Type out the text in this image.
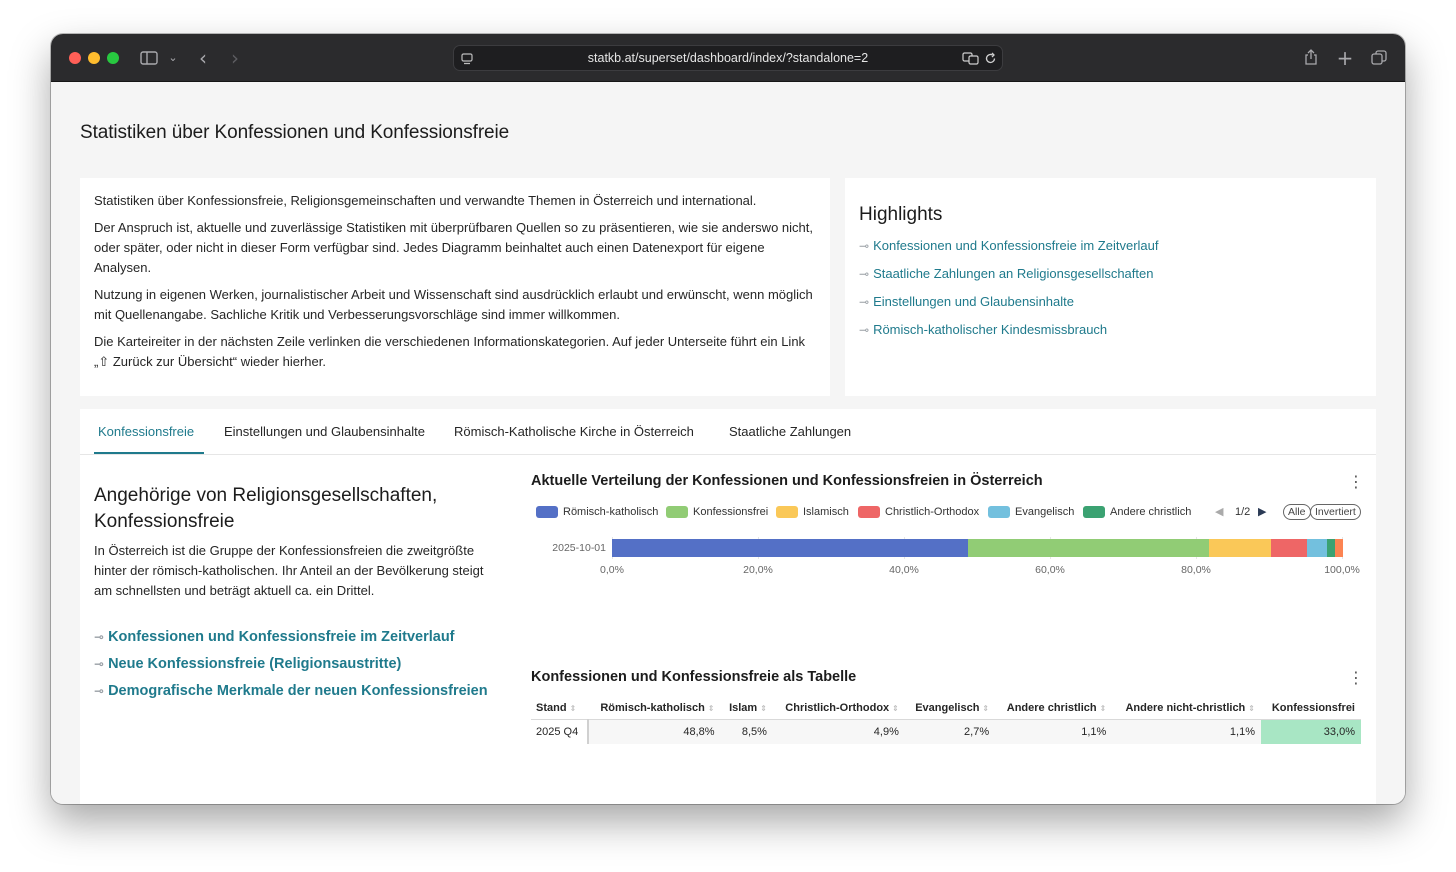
⌄	‹	›	statkb.at/superset/dashboard/index/?standalone=2	+
Statistiken über Konfessionen und Konfessionsfreie

Statistiken über Konfessionsfreie, Religionsgemeinschaften und verwandte Themen in Österreich und international.

Der Anspruch ist, aktuelle und zuverlässige Statistiken mit überprüfbaren Quellen so zu präsentieren, wie sie anderswo nicht, oder später, oder nicht in dieser Form verfügbar sind. Jedes Diagramm beinhaltet auch einen Datenexport für eigene Analysen.

Nutzung in eigenen Werken, journalistischer Arbeit und Wissenschaft sind ausdrücklich erlaubt und erwünscht, wenn möglich mit Quellenangabe. Sachliche Kritik und Verbesserungsvorschläge sind immer willkommen.

Die Karteireiter in der nächsten Zeile verlinken die verschiedenen Informationskategorien. Auf jeder Unterseite führt ein Link „⇧ Zurück zur Übersicht“ wieder hierher.

Highlights
⊸ Konfessionen und Konfessionsfreie im Zeitverlauf
⊸ Staatliche Zahlungen an Religionsgesellschaften
⊸ Einstellungen und Glaubensinhalte
⊸ Römisch-katholischer Kindesmissbrauch
Konfessionsfreie Einstellungen und Glaubensinhalte Römisch-Katholische Kirche in Österreich	Staatliche Zahlungen
Angehörige von Religionsgesellschaften, Konfessionsfreie
In Österreich ist die Gruppe der Konfessionsfreien die zweitgrößte hinter der römisch-katholischen. Ihr Anteil an der Bevölkerung steigt am schnellsten und beträgt aktuell ca. ein Drittel.
⊸ Konfessionen und Konfessionsfreie im Zeitverlauf
⊸ Neue Konfessionsfreie (Religionsaustritte)
⊸ Demografische Merkmale der neuen Konfessionsfreien
Aktuelle Verteilung der Konfessionen und Konfessionsfreien in Österreich	⋮
Römisch-katholisch	Konfessionsfrei	Islamisch	Christlich-Orthodox	Evangelisch	Andere christlich ◀ 1/2 ▶	Alle Invertiert
2025-10-01
0,0%	20,0%	40,0%	60,0%	80,0%	100,0%
Konfessionen und Konfessionsfreie als Tabelle	⋮
Stand ⇕	Römisch-katholisch ⇕	Islam ⇕	Christlich-Orthodox ⇕	Evangelisch ⇕	Andere christlich ⇕	Andere nicht-christlich ⇕	Konfessionsfrei
2025 Q4	48,8%	8,5%	4,9%	2,7%	1,1%	1,1%	33,0%
